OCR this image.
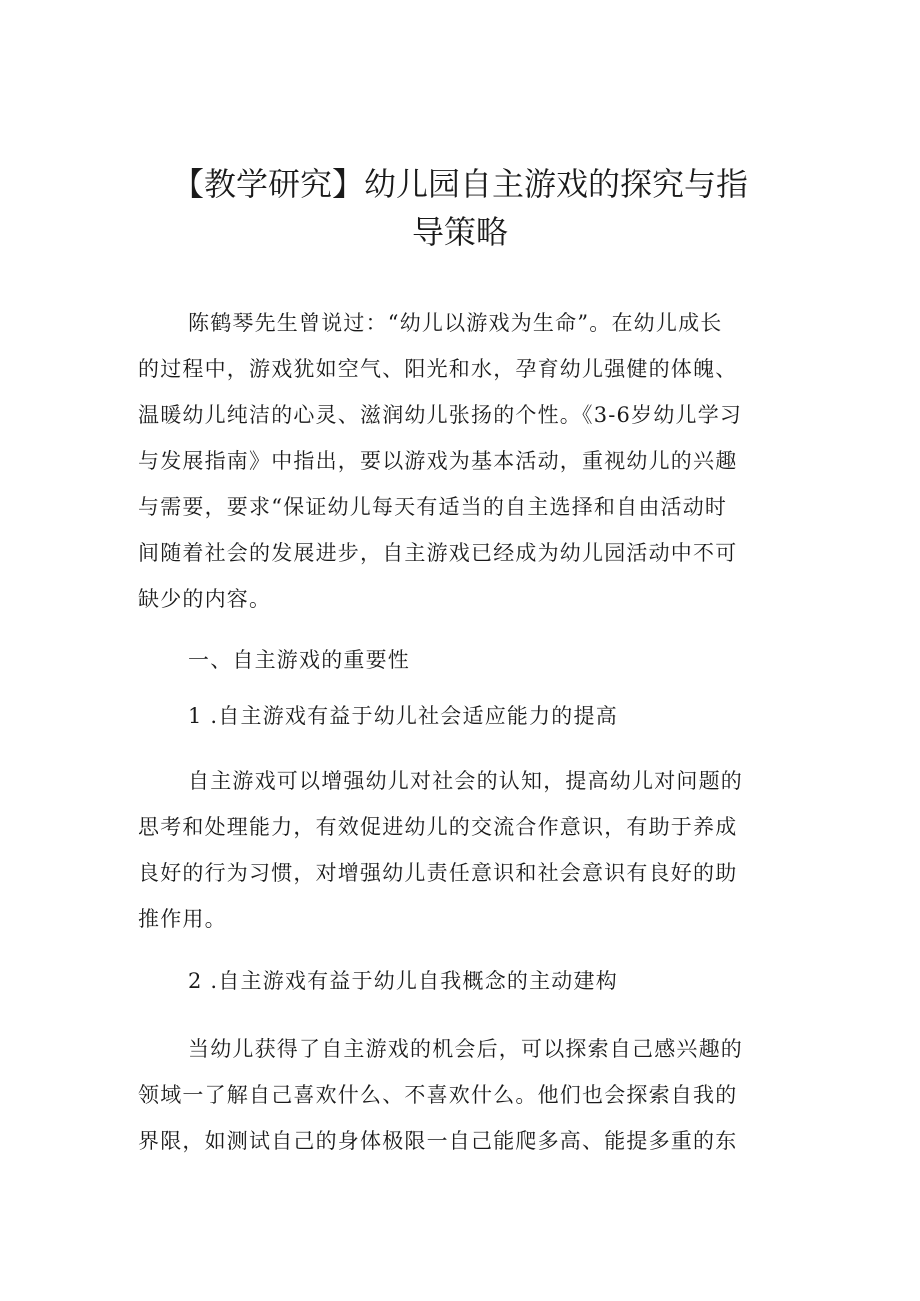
【教学研究】幼儿园自主游戏的探究与指
导策略

陈鹤琴先生曾说过：“幼儿以游戏为生命”。在幼儿成长
的过程中，游戏犹如空气、阳光和水，孕育幼儿强健的体魄、
温暖幼儿纯洁的心灵、滋润幼儿张扬的个性。《3-6岁幼儿学习
与发展指南》中指出，要以游戏为基本活动，重视幼儿的兴趣
与需要，要求“保证幼儿每天有适当的自主选择和自由活动时
间随着社会的发展进步，自主游戏已经成为幼儿园活动中不可
缺少的内容。

一、自主游戏的重要性

1 .自主游戏有益于幼儿社会适应能力的提高

自主游戏可以增强幼儿对社会的认知，提高幼儿对问题的
思考和处理能力，有效促进幼儿的交流合作意识，有助于养成
良好的行为习惯，对增强幼儿责任意识和社会意识有良好的助
推作用。

2 .自主游戏有益于幼儿自我概念的主动建构

当幼儿获得了自主游戏的机会后，可以探索自己感兴趣的
领域一了解自己喜欢什么、不喜欢什么。他们也会探索自我的
界限，如测试自己的身体极限一自己能爬多高、能提多重的东
